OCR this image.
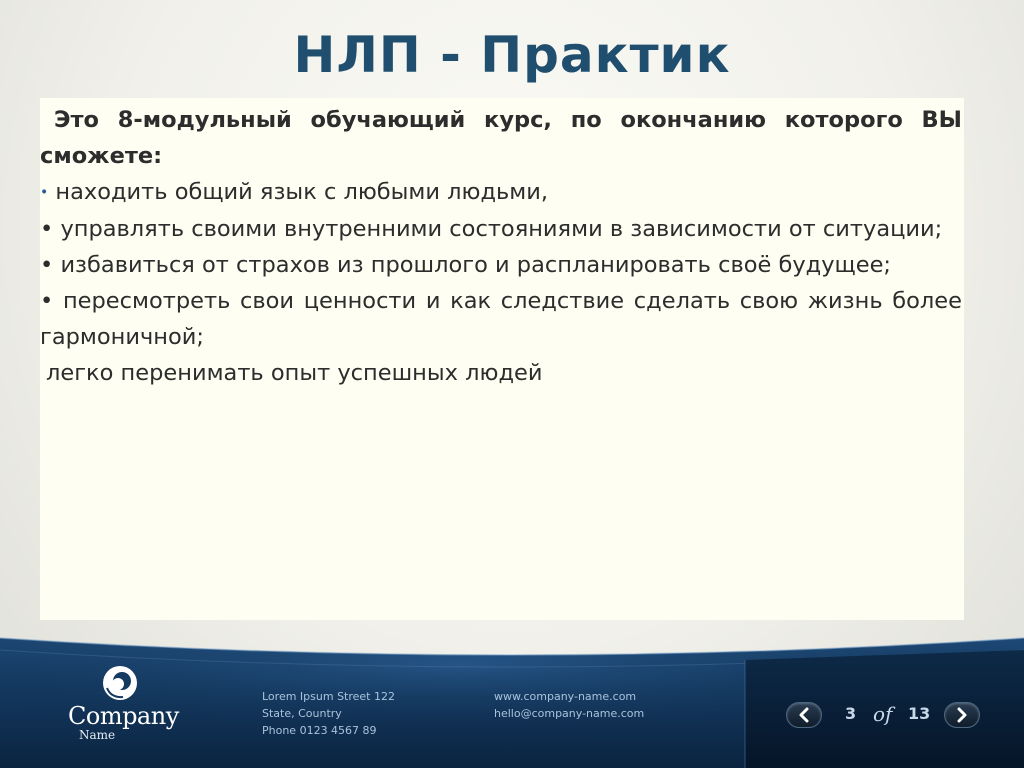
НЛП - Практик
Это 8-модульный обучающий курс, по окончанию которого ВЫ сможете:
• находить общий язык с любыми людьми,
• управлять своими внутренними состояниями в зависимости от ситуации;
• избавиться от страхов из прошлого и распланировать своё будущее;
• пересмотреть свои ценности и как следствие сделать свою жизнь более гармоничной;
легко перенимать опыт успешных людей
Company
Name
Lorem Ipsum Street 122
State, Country
Phone 0123 4567 89
www.company-name.com
hello@company-name.com	3 of 13
